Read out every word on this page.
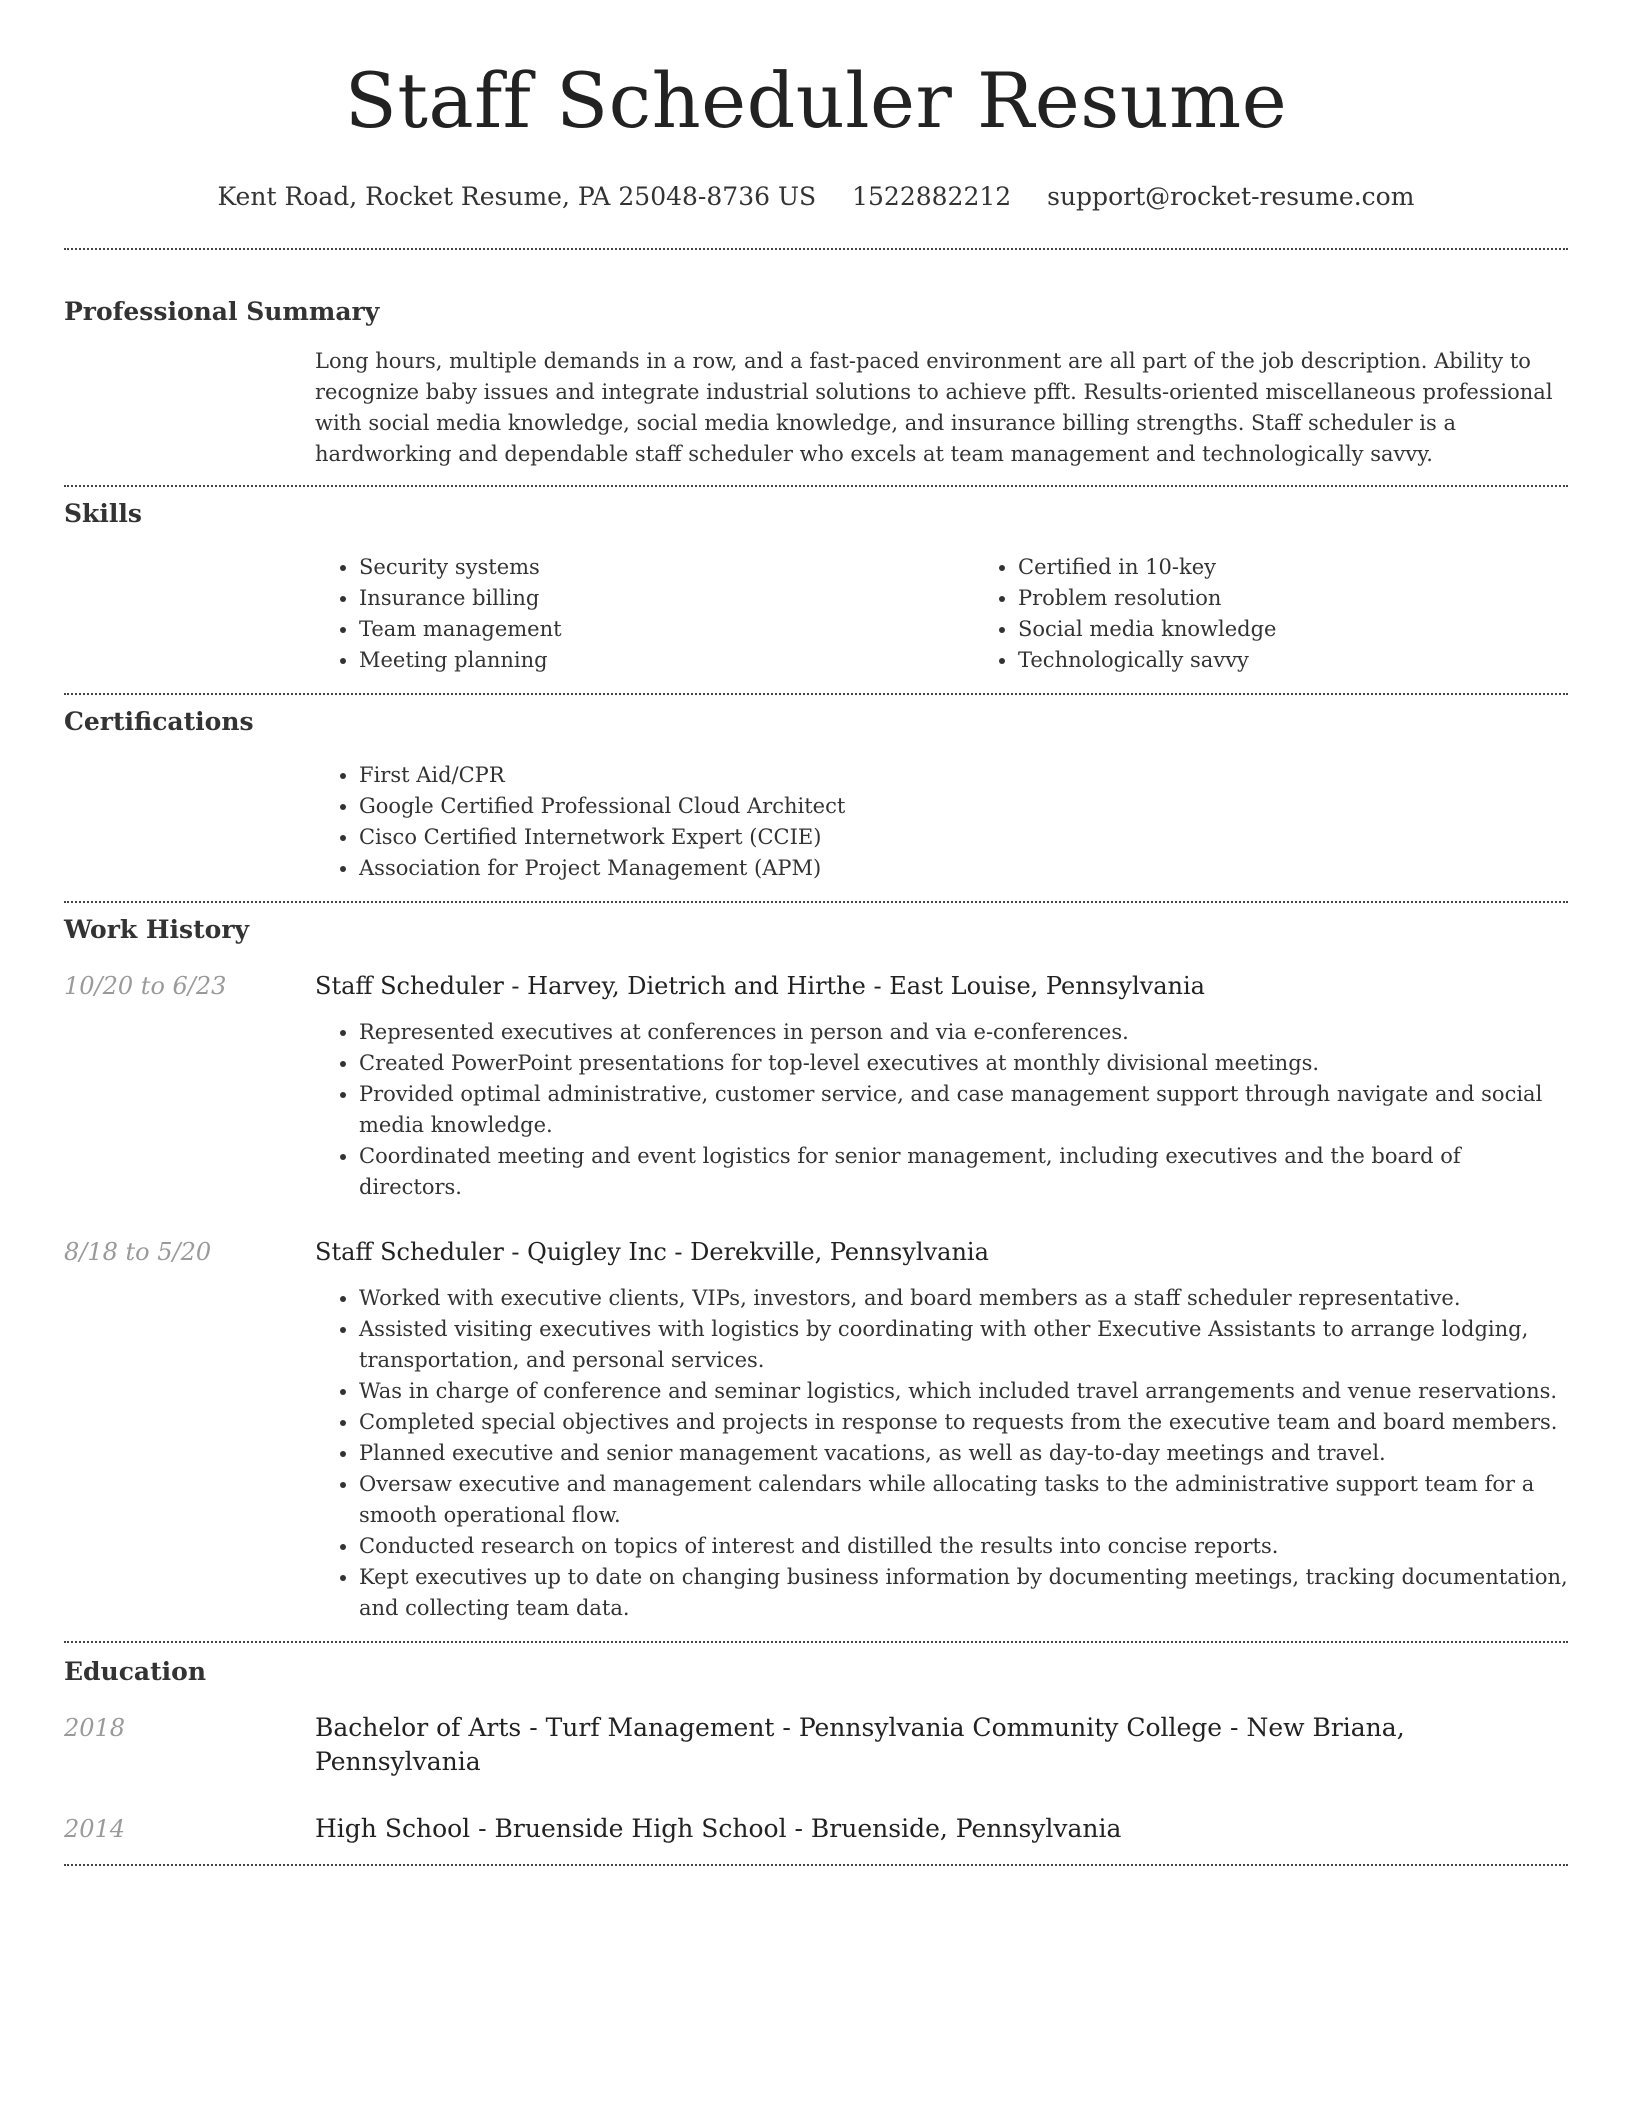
Staff Scheduler Resume
Kent Road, Rocket Resume, PA 25048-8736 US 1522882212 support@rocket-resume.com
Professional Summary

Long hours, multiple demands in a row, and a fast-paced environment are all part of the job description. Ability to recognize baby issues and integrate industrial solutions to achieve pfft. Results-oriented miscellaneous professional with social media knowledge, social media knowledge, and insurance billing strengths. Staff scheduler is a hardworking and dependable staff scheduler who excels at team management and technologically savvy.

Skills
• Security systems
• Insurance billing
• Team management
• Meeting planning
• Certified in 10-key
• Problem resolution
• Social media knowledge
• Technologically savvy
Certifications
• First Aid/CPR
• Google Certified Professional Cloud Architect
• Cisco Certified Internetwork Expert (CCIE)
• Association for Project Management (APM)
Work History
10/20 to 6/23	Staff Scheduler - Harvey, Dietrich and Hirthe - East Louise, Pennsylvania
• Represented executives at conferences in person and via e-conferences.
• Created PowerPoint presentations for top-level executives at monthly divisional meetings.
• Provided optimal administrative, customer service, and case management support through navigate and social media knowledge.
• Coordinated meeting and event logistics for senior management, including executives and the board of directors.
8/18 to 5/20	Staff Scheduler - Quigley Inc - Derekville, Pennsylvania
• Worked with executive clients, VIPs, investors, and board members as a staff scheduler representative.
• Assisted visiting executives with logistics by coordinating with other Executive Assistants to arrange lodging, transportation, and personal services.
• Was in charge of conference and seminar logistics, which included travel arrangements and venue reservations.
• Completed special objectives and projects in response to requests from the executive team and board members.
• Planned executive and senior management vacations, as well as day-to-day meetings and travel.
• Oversaw executive and management calendars while allocating tasks to the administrative support team for a smooth operational flow.
• Conducted research on topics of interest and distilled the results into concise reports.
• Kept executives up to date on changing business information by documenting meetings, tracking documentation, and collecting team data.
Education
2018	Bachelor of Arts - Turf Management - Pennsylvania Community College - New Briana, Pennsylvania
2014	High School - Bruenside High School - Bruenside, Pennsylvania
